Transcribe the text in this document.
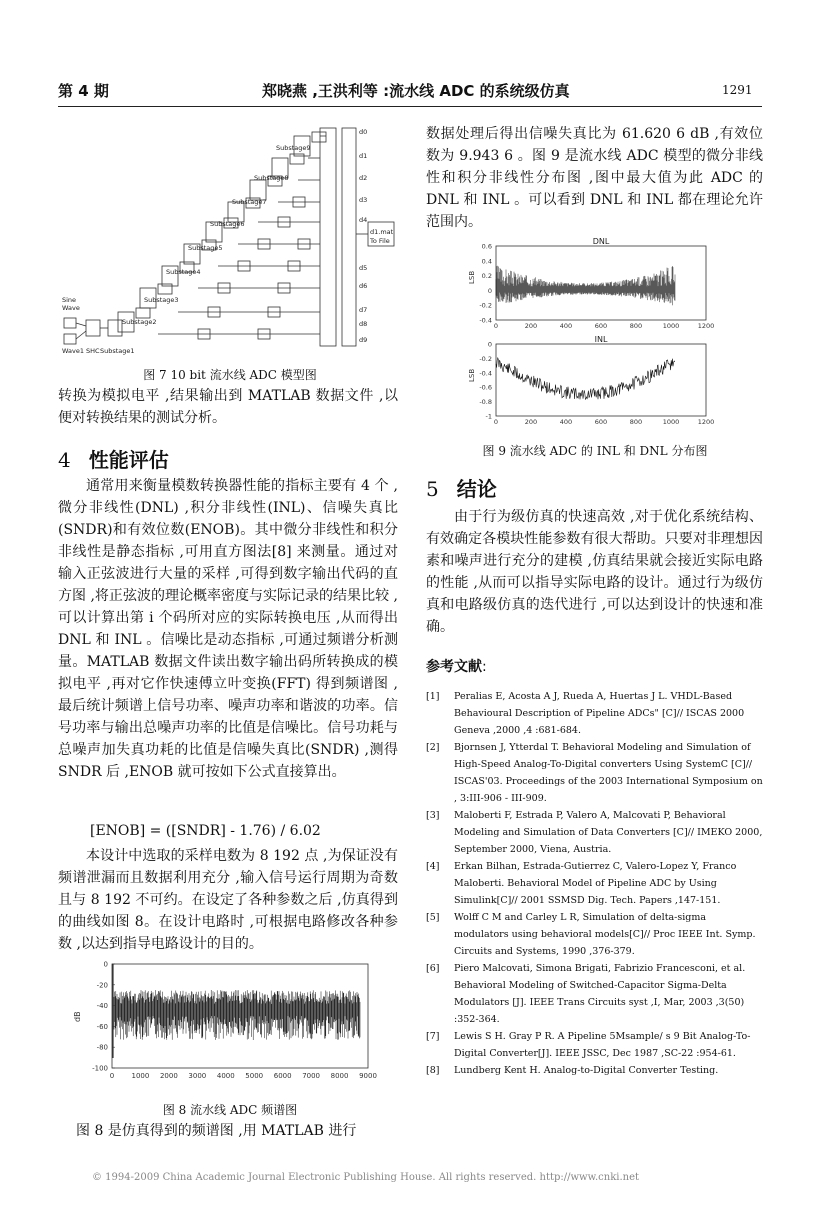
第 4 期	郑晓燕 ,王洪利等 :流水线 ADC 的系统级仿真	1291
Sine
Wave
Wave1 SHC Substage1
Substage2
Substage3
Substage4
Substage5
Substage6
Substage7
Substage8
Substage9
d0
d1
d2
d3
d4
d5
d6
d7
d8
d9
d1.mat
To File
图 7 10 bit 流水线 ADC 模型图
转换为模拟电平 ,结果输出到 MATLAB 数据文件 ,以便对转换结果的测试分析。
4 性能评估

通常用来衡量模数转换器性能的指标主要有 4 个 ,微分非线性(DNL) ,积分非线性(INL)、信噪失真比(SNDR)和有效位数(ENOB)。其中微分非线性和积分非线性是静态指标 ,可用直方图法[8] 来测量。通过对输入正弦波进行大量的采样 ,可得到数字输出代码的直方图 ,将正弦波的理论概率密度与实际记录的结果比较 ,可以计算出第 i 个码所对应的实际转换电压 ,从而得出 DNL 和 INL 。信噪比是动态指标 ,可通过频谱分析测量。MATLAB 数据文件读出数字输出码所转换成的模拟电平 ,再对它作快速傅立叶变换(FFT) 得到频谱图 ,最后统计频谱上信号功率、噪声功率和谐波的功率。信号功率与输出总噪声功率的比值是信噪比。信号功耗与总噪声加失真功耗的比值是信噪失真比(SNDR) ,测得 SNDR 后 ,ENOB 就可按如下公式直接算出。

[ENOB] = ([SNDR] - 1.76) / 6.02

本设计中选取的采样电数为 8 192 点 ,为保证没有频谱泄漏而且数据利用充分 ,输入信号运行周期为奇数且与 8 192 不可约。在设定了各种参数之后 ,仿真得到的曲线如图 8。在设计电路时 ,可根据电路修改各种参数 ,以达到指导电路设计的目的。

0
-20
-40
-60
-80
-100
0 1000 2000 3000 4000 5000 6000 7000 8000 9000
dB
图 8 流水线 ADC 频谱图
图 8 是仿真得到的频谱图 ,用 MATLAB 进行
数据处理后得出信噪失真比为 61.620 6 dB ,有效位数为 9.943 6 。图 9 是流水线 ADC 模型的微分非线性和积分非线性分布图 ,图中最大值为此 ADC 的 DNL 和 INL 。可以看到 DNL 和 INL 都在理论允许范围内。
DNL
INL
LSB
LSB
0.6
0.4
0.2
0
-0.2
-0.4
0
-0.2
-0.4
-0.6
-0.8
-1
0
0
200
200
400
400
600
600
800
800
1000
1000
1200
1200
图 9 流水线 ADC 的 INL 和 DNL 分布图
5 结论

由于行为级仿真的快速高效 ,对于优化系统结构、有效确定各模块性能参数有很大帮助。只要对非理想因素和噪声进行充分的建模 ,仿真结果就会接近实际电路的性能 ,从而可以指导实际电路的设计。通过行为级仿真和电路级仿真的迭代进行 ,可以达到设计的快速和准确。

参考文献:
[1]	Peralias E, Acosta A J, Rueda A, Huertas J L. VHDL-Based Behavioural Description of Pipeline ADCs" [C]// ISCAS 2000 Geneva ,2000 ,4 :681-684.
[2]	Bjornsen J, Ytterdal T. Behavioral Modeling and Simulation of High-Speed Analog-To-Digital converters Using SystemC [C]// ISCAS'03. Proceedings of the 2003 International Symposium on , 3:III-906 - III-909.
[3]	Maloberti F, Estrada P, Valero A, Malcovati P, Behavioral Modeling and Simulation of Data Converters [C]// IMEKO 2000, September 2000, Viena, Austria.
[4]	Erkan Bilhan, Estrada-Gutierrez C, Valero-Lopez Y, Franco Maloberti. Behavioral Model of Pipeline ADC by Using Simulink[C]// 2001 SSMSD Dig. Tech. Papers ,147-151.
[5]	Wolff C M and Carley L R, Simulation of delta-sigma modulators using behavioral models[C]// Proc IEEE Int. Symp. Circuits and Systems, 1990 ,376-379.
[6]	Piero Malcovati, Simona Brigati, Fabrizio Francesconi, et al. Behavioral Modeling of Switched-Capacitor Sigma-Delta Modulators [J]. IEEE Trans Circuits syst ,I, Mar, 2003 ,3(50) :352-364.
[7]	Lewis S H. Gray P R. A Pipeline 5Msample/ s 9 Bit Analog-To-Digital Converter[J]. IEEE JSSC, Dec 1987 ,SC-22 :954-61.
[8]	Lundberg Kent H. Analog-to-Digital Converter Testing.
© 1994-2009 China Academic Journal Electronic Publishing House. All rights reserved. http://www.cnki.net
